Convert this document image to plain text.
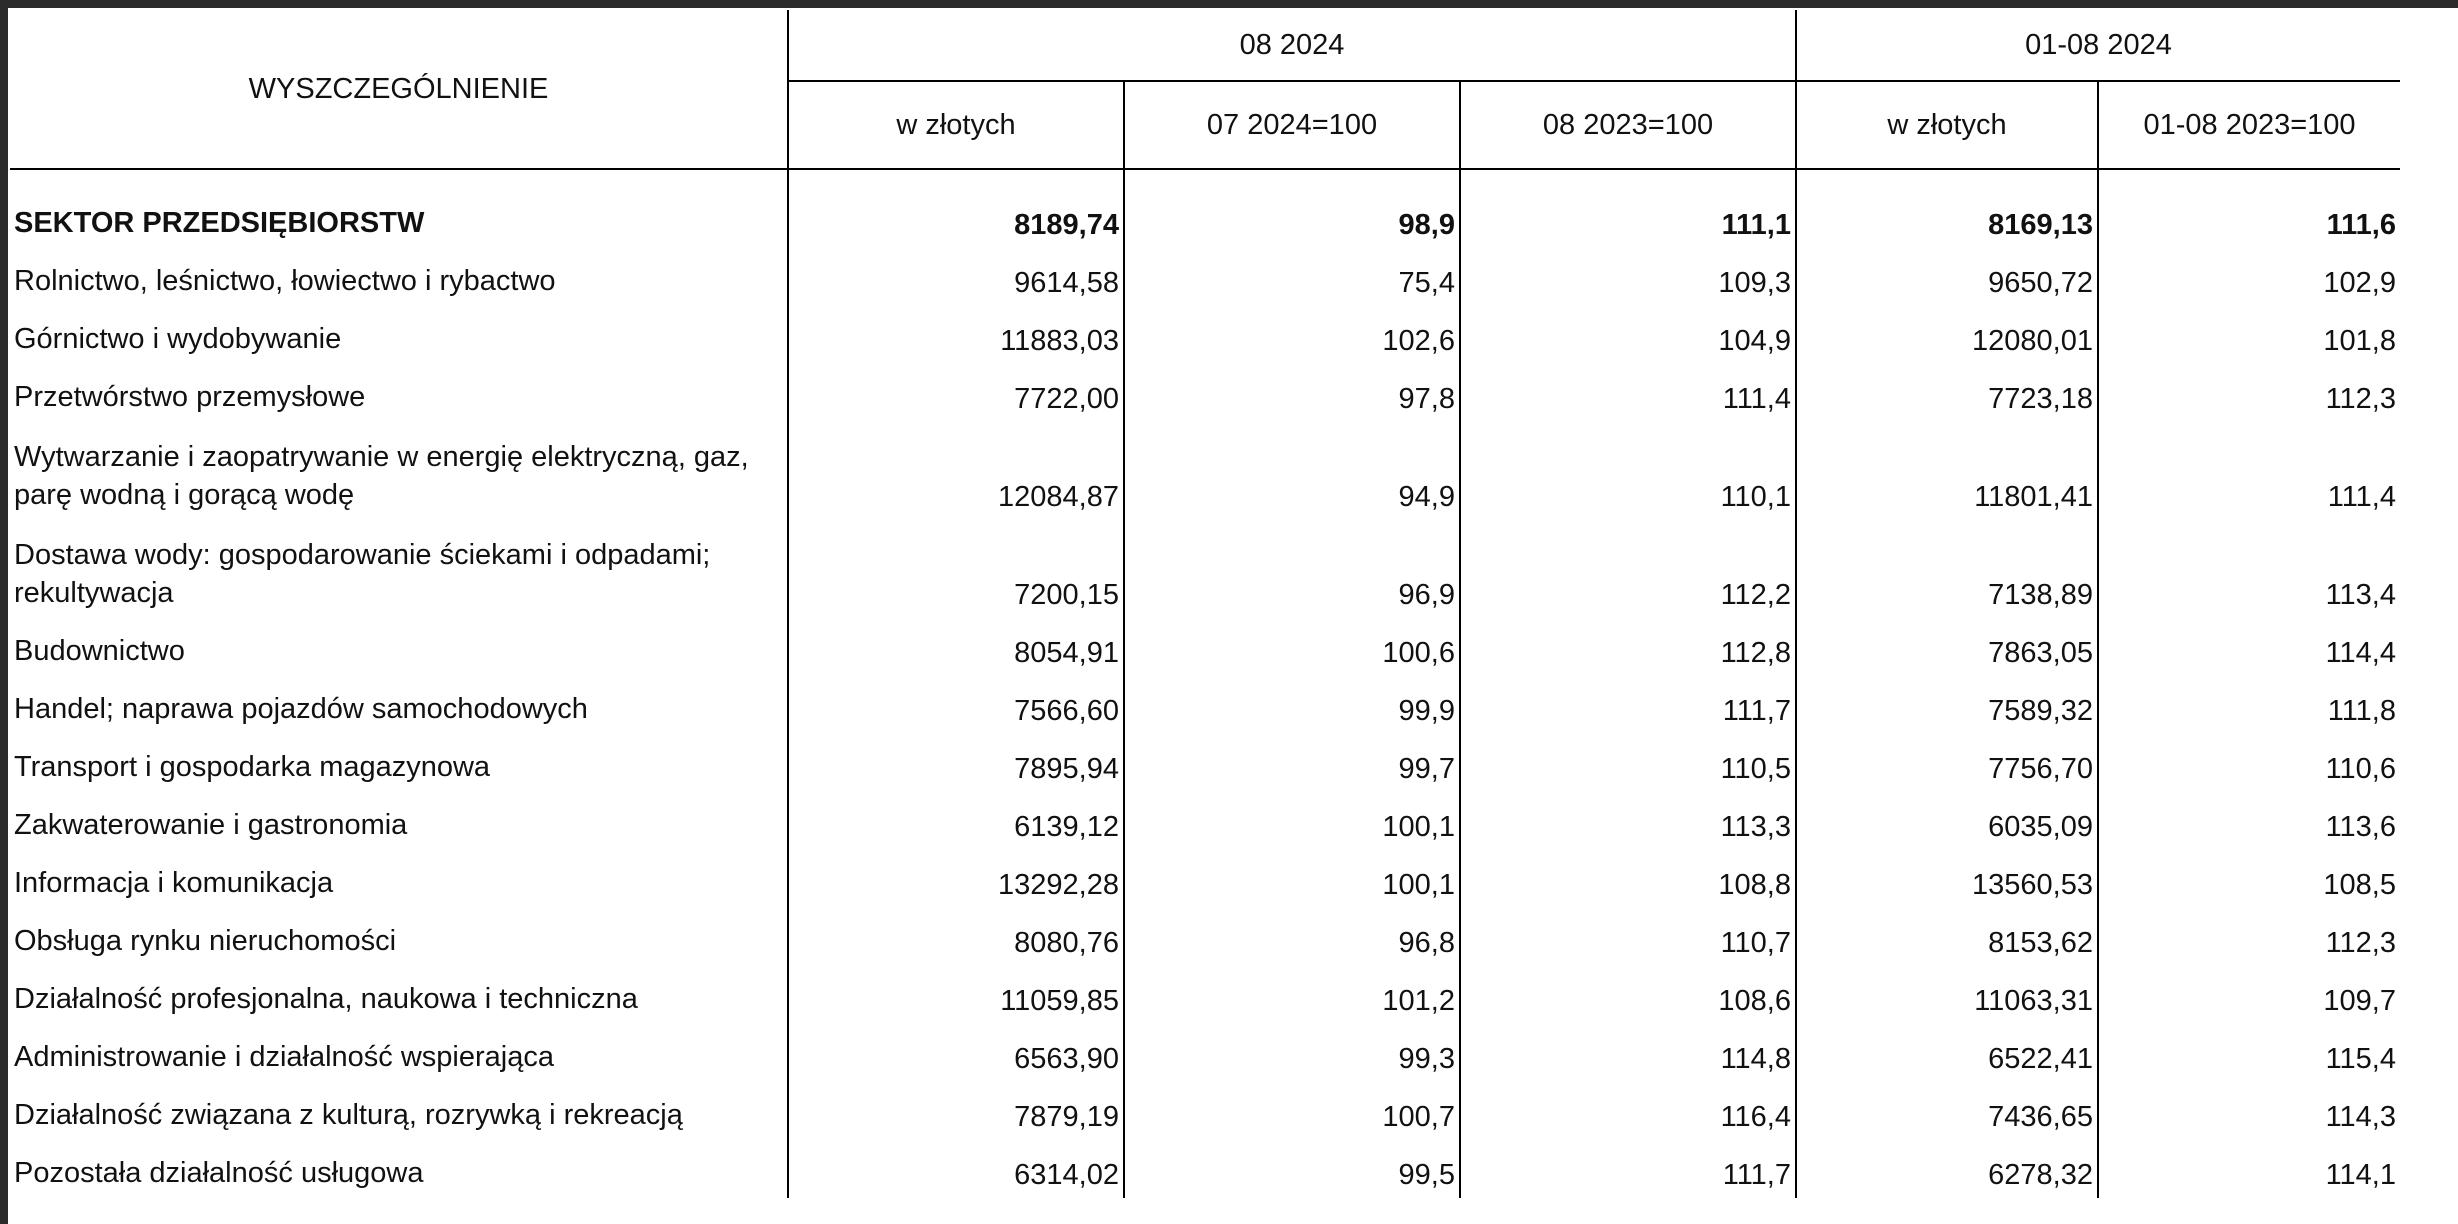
WYSZCZEGÓLNIENIE	08 2024			01-08 2024	
	w złotych	07 2024=100	08 2023=100	w złotych	01-08 2023=100
SEKTOR PRZEDSIĘBIORSTW	8189,74	98,9	111,1	8169,13	111,6
Rolnictwo, leśnictwo, łowiectwo i rybactwo	9614,58	75,4	109,3	9650,72	102,9
Górnictwo i wydobywanie	11883,03	102,6	104,9	12080,01	101,8
Przetwórstwo przemysłowe	7722,00	97,8	111,4	7723,18	112,3
Wytwarzanie i zaopatrywanie w energię elektryczną, gaz, parę wodną i gorącą wodę	12084,87	94,9	110,1	11801,41	111,4
Dostawa wody: gospodarowanie ściekami i odpadami; rekultywacja	7200,15	96,9	112,2	7138,89	113,4
Budownictwo	8054,91	100,6	112,8	7863,05	114,4
Handel; naprawa pojazdów samochodowych	7566,60	99,9	111,7	7589,32	111,8
Transport i gospodarka magazynowa	7895,94	99,7	110,5	7756,70	110,6
Zakwaterowanie i gastronomia	6139,12	100,1	113,3	6035,09	113,6
Informacja i komunikacja	13292,28	100,1	108,8	13560,53	108,5
Obsługa rynku nieruchomości	8080,76	96,8	110,7	8153,62	112,3
Działalność profesjonalna, naukowa i techniczna	11059,85	101,2	108,6	11063,31	109,7
Administrowanie i działalność wspierająca	6563,90	99,3	114,8	6522,41	115,4
Działalność związana z kulturą, rozrywką i rekreacją	7879,19	100,7	116,4	7436,65	114,3
Pozostała działalność usługowa	6314,02	99,5	111,7	6278,32	114,1
